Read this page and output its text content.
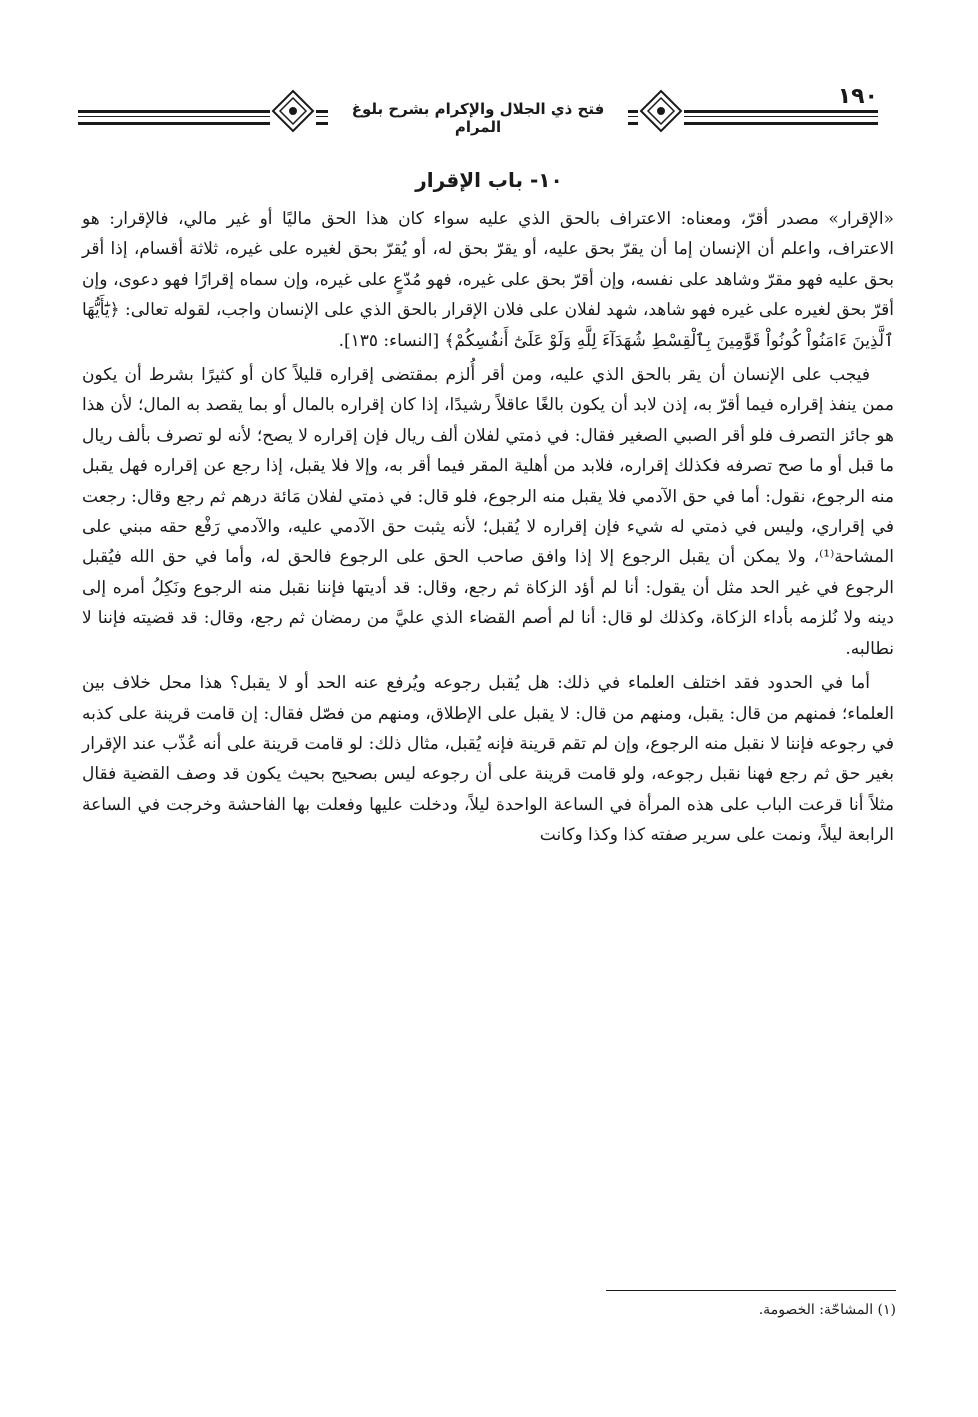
١٩٠
فتح ذي الجلال والإكرام بشرح بلوغ المرام
١٠- باب الإقرار

«الإقرار» مصدر أقرّ، ومعناه: الاعتراف بالحق الذي عليه سواء كان هذا الحق ماليًا أو غير مالي، فالإقرار: هو الاعتراف، واعلم أن الإنسان إما أن يقرّ بحق عليه، أو يقرّ بحق له، أو يُقرّ بحق لغيره على غيره، ثلاثة أقسام، إذا أقر بحق عليه فهو مقرّ وشاهد على نفسه، وإن أقرّ بحق على غيره، فهو مُدّعٍ على غيره، وإن سماه إقرارًا فهو دعوى، وإن أقرّ بحق لغيره على غيره فهو شاهد، شهد لفلان على فلان الإقرار بالحق الذي على الإنسان واجب، لقوله تعالى: ﴿يَٰٓأَيُّهَا ٱلَّذِينَ ءَامَنُواْ كُونُواْ قَوَّٰمِينَ بِٱلْقِسْطِ شُهَدَآءَ لِلَّهِ وَلَوْ عَلَىٰٓ أَنفُسِكُمْ﴾ [النساء: ١٣٥].

فيجب على الإنسان أن يقر بالحق الذي عليه، ومن أقر أُلزم بمقتضى إقراره قليلاً كان أو كثيرًا بشرط أن يكون ممن ينفذ إقراره فيما أقرّ به، إذن لابد أن يكون بالغًا عاقلاً رشيدًا، إذا كان إقراره بالمال أو بما يقصد به المال؛ لأن هذا هو جائز التصرف فلو أقر الصبي الصغير فقال: في ذمتي لفلان ألف ريال فإن إقراره لا يصح؛ لأنه لو تصرف بألف ريال ما قبل أو ما صح تصرفه فكذلك إقراره، فلابد من أهلية المقر فيما أقر به، وإلا فلا يقبل، إذا رجع عن إقراره فهل يقبل منه الرجوع، نقول: أما في حق الآدمي فلا يقبل منه الرجوع، فلو قال: في ذمتي لفلان مَائة درهم ثم رجع وقال: رجعت في إقراري، وليس في ذمتي له شيء فإن إقراره لا يُقبل؛ لأنه يثبت حق الآدمي عليه، والآدمي رَفْع حقه مبني على المشاحة⁽¹⁾، ولا يمكن أن يقبل الرجوع إلا إذا وافق صاحب الحق على الرجوع فالحق له، وأما في حق الله فيُقبل الرجوع في غير الحد مثل أن يقول: أنا لم أؤد الزكاة ثم رجع، وقال: قد أديتها فإننا نقبل منه الرجوع ونَكِلُ أمره إلى دينه ولا نُلزمه بأداء الزكاة، وكذلك لو قال: أنا لم أصم القضاء الذي عليَّ من رمضان ثم رجع، وقال: قد قضيته فإننا لا نطالبه.

أما في الحدود فقد اختلف العلماء في ذلك: هل يُقبل رجوعه ويُرفع عنه الحد أو لا يقبل؟ هذا محل خلاف بين العلماء؛ فمنهم من قال: يقبل، ومنهم من قال: لا يقبل على الإطلاق، ومنهم من فصّل فقال: إن قامت قرينة على كذبه في رجوعه فإننا لا نقبل منه الرجوع، وإن لم تقم قرينة فإنه يُقبل، مثال ذلك: لو قامت قرينة على أنه عُذّب عند الإقرار بغير حق ثم رجع فهنا نقبل رجوعه، ولو قامت قرينة على أن رجوعه ليس بصحيح بحيث يكون قد وصف القضية فقال مثلاً أنا قرعت الباب على هذه المرأة في الساعة الواحدة ليلاً، ودخلت عليها وفعلت بها الفاحشة وخرجت في الساعة الرابعة ليلاً، ونمت على سرير صفته كذا وكذا وكانت

(١) المشاحّة: الخصومة.
